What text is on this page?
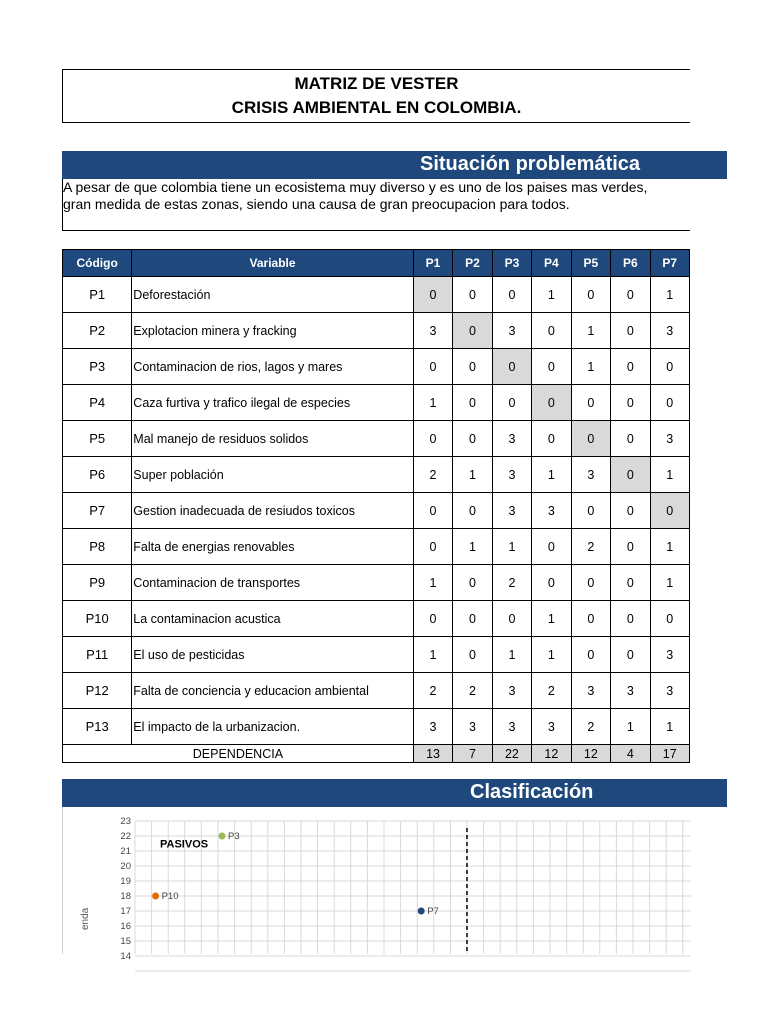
MATRIZ DE VESTER
CRISIS AMBIENTAL EN COLOMBIA.
Situación problemática
A pesar de que colombia tiene un ecosistema muy diverso y es uno de los paises mas verdes,
gran medida de estas zonas, siendo una causa de gran preocupacion para todos.
Código	Variable	P1	P2	P3	P4	P5	P6	P7
P1	Deforestación	0	0	0	1	0	0	1
P2	Explotacion minera y fracking	3	0	3	0	1	0	3
P3	Contaminacion de rios, lagos y mares	0	0	0	0	1	0	0
P4	Caza furtiva y trafico ilegal de especies	1	0	0	0	0	0	0
P5	Mal manejo de residuos solidos	0	0	3	0	0	0	3
P6	Super población	2	1	3	1	3	0	1
P7	Gestion inadecuada de resiudos toxicos	0	0	3	3	0	0	0
P8	Falta de energias renovables	0	1	1	0	2	0	1
P9	Contaminacion de transportes	1	0	2	0	0	0	1
P10	La contaminacion acustica	0	0	0	1	0	0	0
P11	El uso de pesticidas	1	0	1	1	0	0	3
P12	Falta de conciencia y educacion ambiental	2	2	3	2	3	3	3
P13	El impacto de la urbanizacion.	3	3	3	3	2	1	1
DEPENDENCIA		13	7	22	12	12	4	17
Clasificación
23
22
21
20
19
18
17
16
15
14
PASIVOS
P3
P10
P7
enda
